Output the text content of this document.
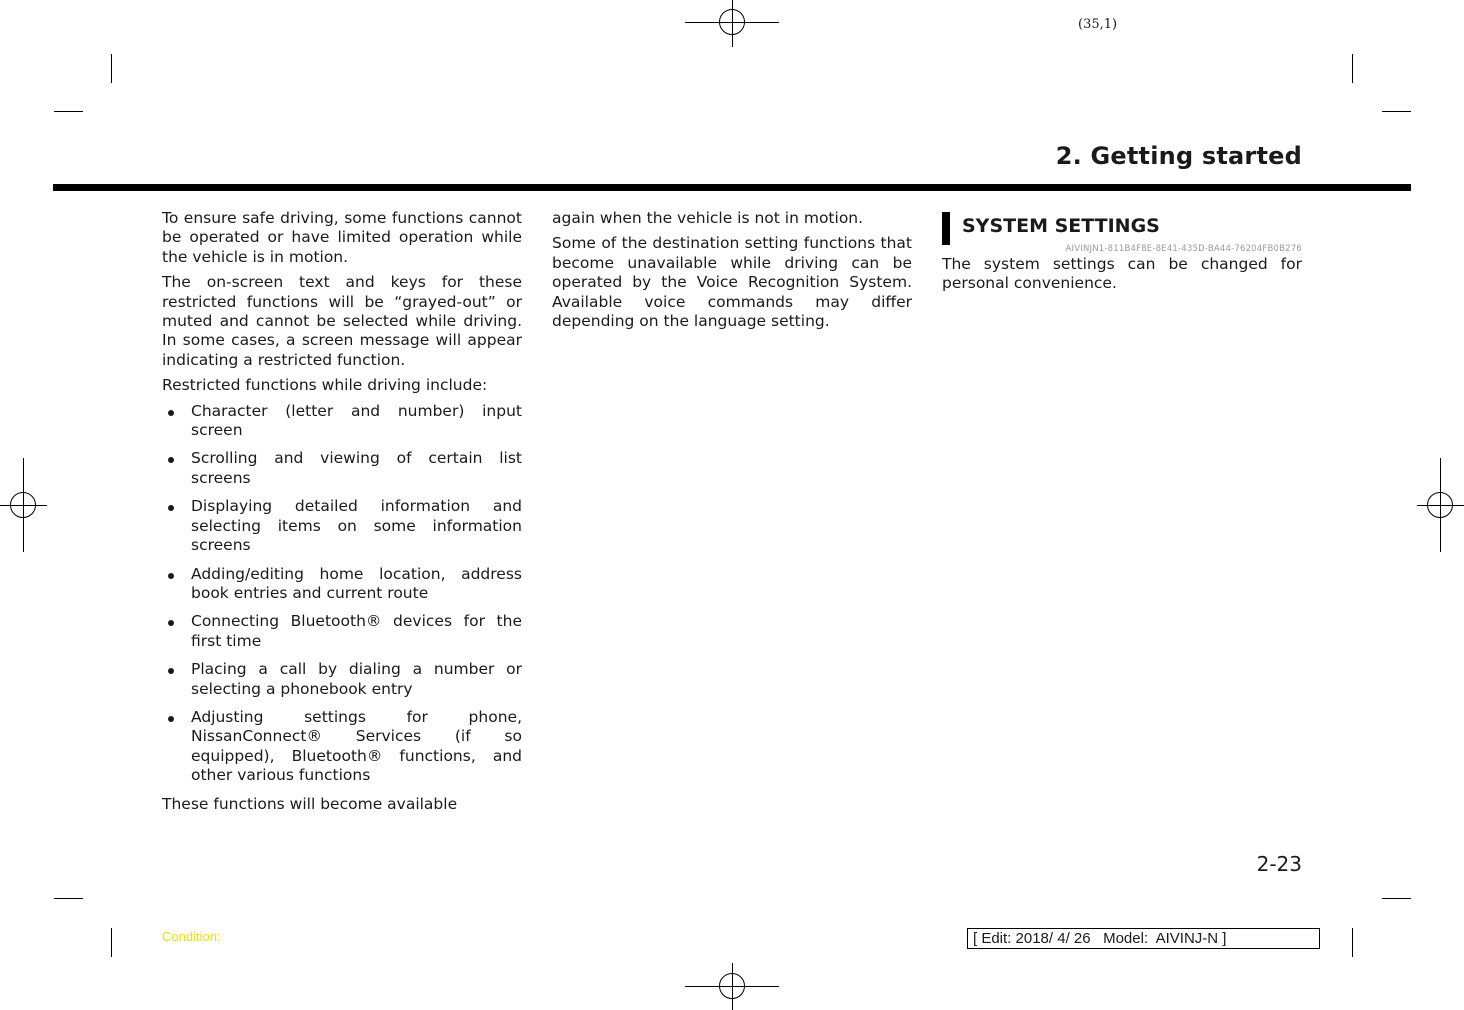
(35,1)
2. Getting started

To ensure safe driving, some functions cannot be operated or have limited operation while the vehicle is in motion.

The on-screen text and keys for these restricted functions will be “grayed-out” or muted and cannot be selected while driving. In some cases, a screen message will appear indicating a restricted function.

Restricted functions while driving include:

Character (letter and number) input screen
Scrolling and viewing of certain list screens
Displaying detailed information and selecting items on some information screens
Adding/editing home location, address book entries and current route
Connecting Bluetooth® devices for the first time
Placing a call by dialing a number or selecting a phonebook entry
Adjusting settings for phone, NissanConnect® Services (if so equipped), Bluetooth® functions, and other various functions

These functions will become available

again when the vehicle is not in motion.

Some of the destination setting functions that become unavailable while driving can be operated by the Voice Recognition System. Available voice commands may differ depending on the language setting.

SYSTEM SETTINGS
AIVINJN1-811B4F8E-8E41-435D-BA44-76204FB0B276

The system settings can be changed for personal convenience.

2-23
Condition:	[ Edit: 2018/ 4/ 26   Model:  AIVINJ-N ]
